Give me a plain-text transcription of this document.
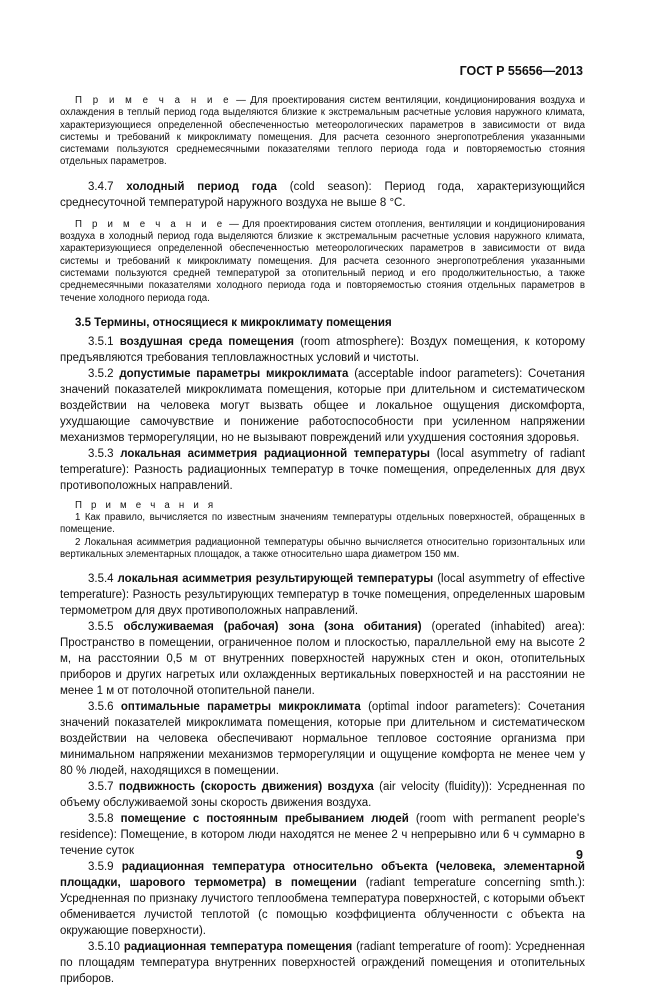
ГОСТ Р 55656—2013

П р и м е ч а н и е — Для проектирования систем вентиляции, кондиционирования воздуха и охлаждения в теплый период года выделяются близкие к экстремальным расчетные условия наружного климата, характеризующиеся определенной обеспеченностью метеорологических параметров в зависимости от вида системы и требований к микроклимату помещения. Для расчета сезонного энергопотребления указанными системами пользуются среднемесячными показателями теплого периода года и повторяемостью стояния отдельных параметров.

3.4.7 холодный период года (cold season): Период года, характеризующийся среднесуточной температурой наружного воздуха не выше 8 °С.

П р и м е ч а н и е — Для проектирования систем отопления, вентиляции и кондиционирования воздуха в холодный период года выделяются близкие к экстремальным расчетные условия наружного климата, характеризующиеся определенной обеспеченностью метеорологических параметров в зависимости от вида системы и требований к микроклимату помещения. Для расчета сезонного энергопотребления указанными системами пользуются средней температурой за отопительный период и его продолжительностью, а также среднемесячными показателями холодного периода года и повторяемостью стояния отдельных параметров в течение холодного периода года.

3.5 Термины, относящиеся к микроклимату помещения

3.5.1 воздушная среда помещения (room atmosphere): Воздух помещения, к которому предъявляются требования тепловлажностных условий и чистоты.

3.5.2 допустимые параметры микроклимата (acceptable indoor parameters): Сочетания значений показателей микроклимата помещения, которые при длительном и систематическом воздействии на человека могут вызвать общее и локальное ощущения дискомфорта, ухудшающие самочувствие и понижение работоспособности при усиленном напряжении механизмов терморегуляции, но не вызывают повреждений или ухудшения состояния здоровья.

3.5.3 локальная асимметрия радиационной температуры (local asymmetry of radiant temperature): Разность радиационных температур в точке помещения, определенных для двух противоположных направлений.

П р и м е ч а н и я

1 Как правило, вычисляется по известным значениям температуры отдельных поверхностей, обращенных в помещение.

2 Локальная асимметрия радиационной температуры обычно вычисляется относительно горизонтальных или вертикальных элементарных площадок, а также относительно шара диаметром 150 мм.

3.5.4 локальная асимметрия результирующей температуры (local asymmetry of effective temperature): Разность результирующих температур в точке помещения, определенных шаровым термометром для двух противоположных направлений.

3.5.5 обслуживаемая (рабочая) зона (зона обитания) (operated (inhabited) area): Пространство в помещении, ограниченное полом и плоскостью, параллельной ему на высоте 2 м, на расстоянии 0,5 м от внутренних поверхностей наружных стен и окон, отопительных приборов и других нагретых или охлажденных вертикальных поверхностей и на расстоянии не менее 1 м от потолочной отопительной панели.

3.5.6 оптимальные параметры микроклимата (optimal indoor parameters): Сочетания значений показателей микроклимата помещения, которые при длительном и систематическом воздействии на человека обеспечивают нормальное тепловое состояние организма при минимальном напряжении механизмов терморегуляции и ощущение комфорта не менее чем у 80 % людей, находящихся в помещении.

3.5.7 подвижность (скорость движения) воздуха (air velocity (fluidity)): Усредненная по объему обслуживаемой зоны скорость движения воздуха.

3.5.8 помещение с постоянным пребыванием людей (room with permanent people's residence): Помещение, в котором люди находятся не менее 2 ч непрерывно или 6 ч суммарно в течение суток

3.5.9 радиационная температура относительно объекта (человека, элементарной площадки, шарового термометра) в помещении (radiant temperature concerning smth.): Усредненная по признаку лучистого теплообмена температура поверхностей, с которыми объект обменивается лучистой теплотой (с помощью коэффициента облученности с объекта на окружающие поверхности).

3.5.10 радиационная температура помещения (radiant temperature of room): Усредненная по площадям температура внутренних поверхностей ограждений помещения и отопительных приборов.

9
